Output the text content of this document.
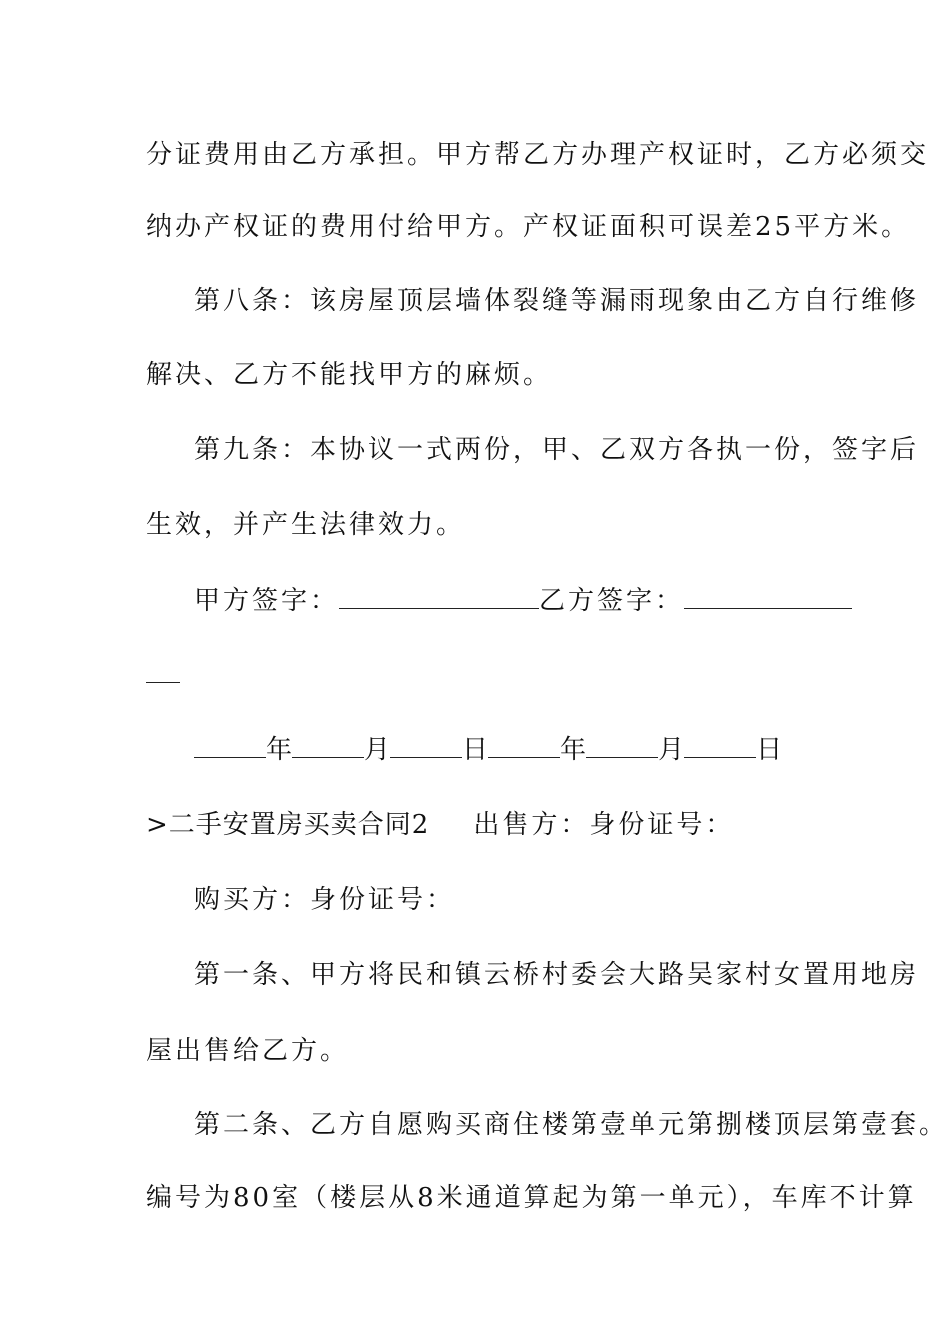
分证费用由乙方承担。甲方帮乙方办理产权证时，乙方必须交
纳办产权证的费用付给甲方。产权证面积可误差25平方米。
第八条：该房屋顶层墙体裂缝等漏雨现象由乙方自行维修
解决、乙方不能找甲方的麻烦。
第九条：本协议一式两份，甲、乙双方各执一份，签字后
生效，并产生法律效力。
甲方签字：	乙方签字：
年	月	日	年	月	日
>二手安置房买卖合同2 出售方：身份证号：
购买方：身份证号：
第一条、甲方将民和镇云桥村委会大路吴家村女置用地房
屋出售给乙方。
第二条、乙方自愿购买商住楼第壹单元第捌楼顶层第壹套。
编号为80室（楼层从8米通道算起为第一单元），车库不计算
